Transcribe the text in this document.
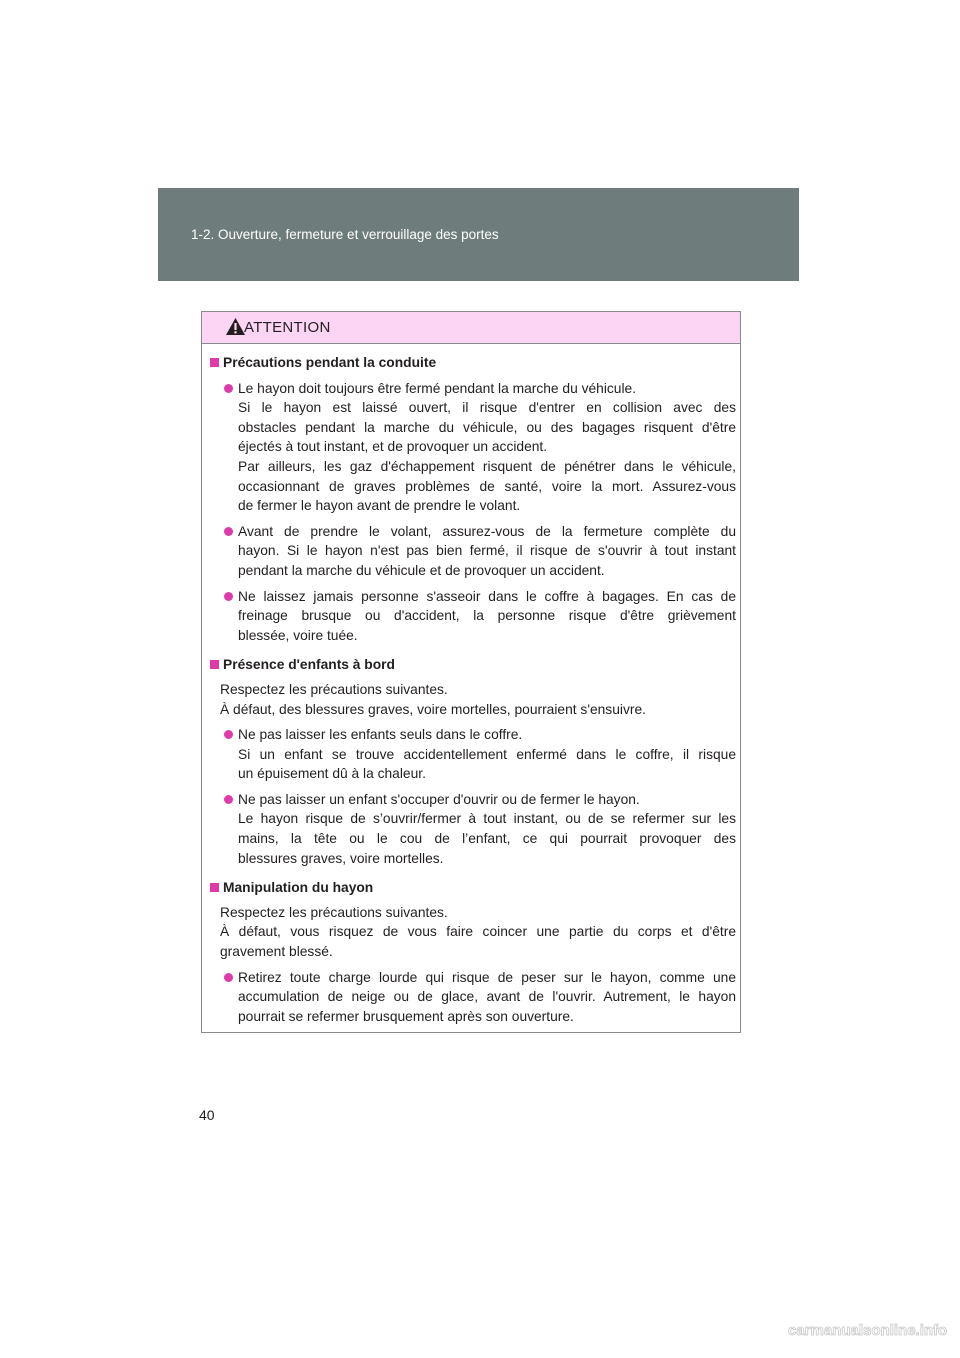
1-2. Ouverture, fermeture et verrouillage des portes
ATTENTION
Précautions pendant la conduite
Le hayon doit toujours être fermé pendant la marche du véhicule.
Si le hayon est laissé ouvert, il risque d'entrer en collision avec des
obstacles pendant la marche du véhicule, ou des bagages risquent d'être
éjectés à tout instant, et de provoquer un accident.
Par ailleurs, les gaz d'échappement risquent de pénétrer dans le véhicule,
occasionnant de graves problèmes de santé, voire la mort. Assurez-vous
de fermer le hayon avant de prendre le volant.
Avant de prendre le volant, assurez-vous de la fermeture complète du
hayon. Si le hayon n'est pas bien fermé, il risque de s'ouvrir à tout instant
pendant la marche du véhicule et de provoquer un accident.
Ne laissez jamais personne s'asseoir dans le coffre à bagages. En cas de
freinage brusque ou d'accident, la personne risque d'être grièvement
blessée, voire tuée.
Présence d'enfants à bord
Respectez les précautions suivantes.
À défaut, des blessures graves, voire mortelles, pourraient s'ensuivre.
Ne pas laisser les enfants seuls dans le coffre.
Si un enfant se trouve accidentellement enfermé dans le coffre, il risque
un épuisement dû à la chaleur.
Ne pas laisser un enfant s'occuper d'ouvrir ou de fermer le hayon.
Le hayon risque de s’ouvrir/fermer à tout instant, ou de se refermer sur les
mains, la tête ou le cou de l’enfant, ce qui pourrait provoquer des
blessures graves, voire mortelles.
Manipulation du hayon
Respectez les précautions suivantes.
À défaut, vous risquez de vous faire coincer une partie du corps et d'être
gravement blessé.
Retirez toute charge lourde qui risque de peser sur le hayon, comme une
accumulation de neige ou de glace, avant de l'ouvrir. Autrement, le hayon
pourrait se refermer brusquement après son ouverture.
40
carmanualsonline.info
